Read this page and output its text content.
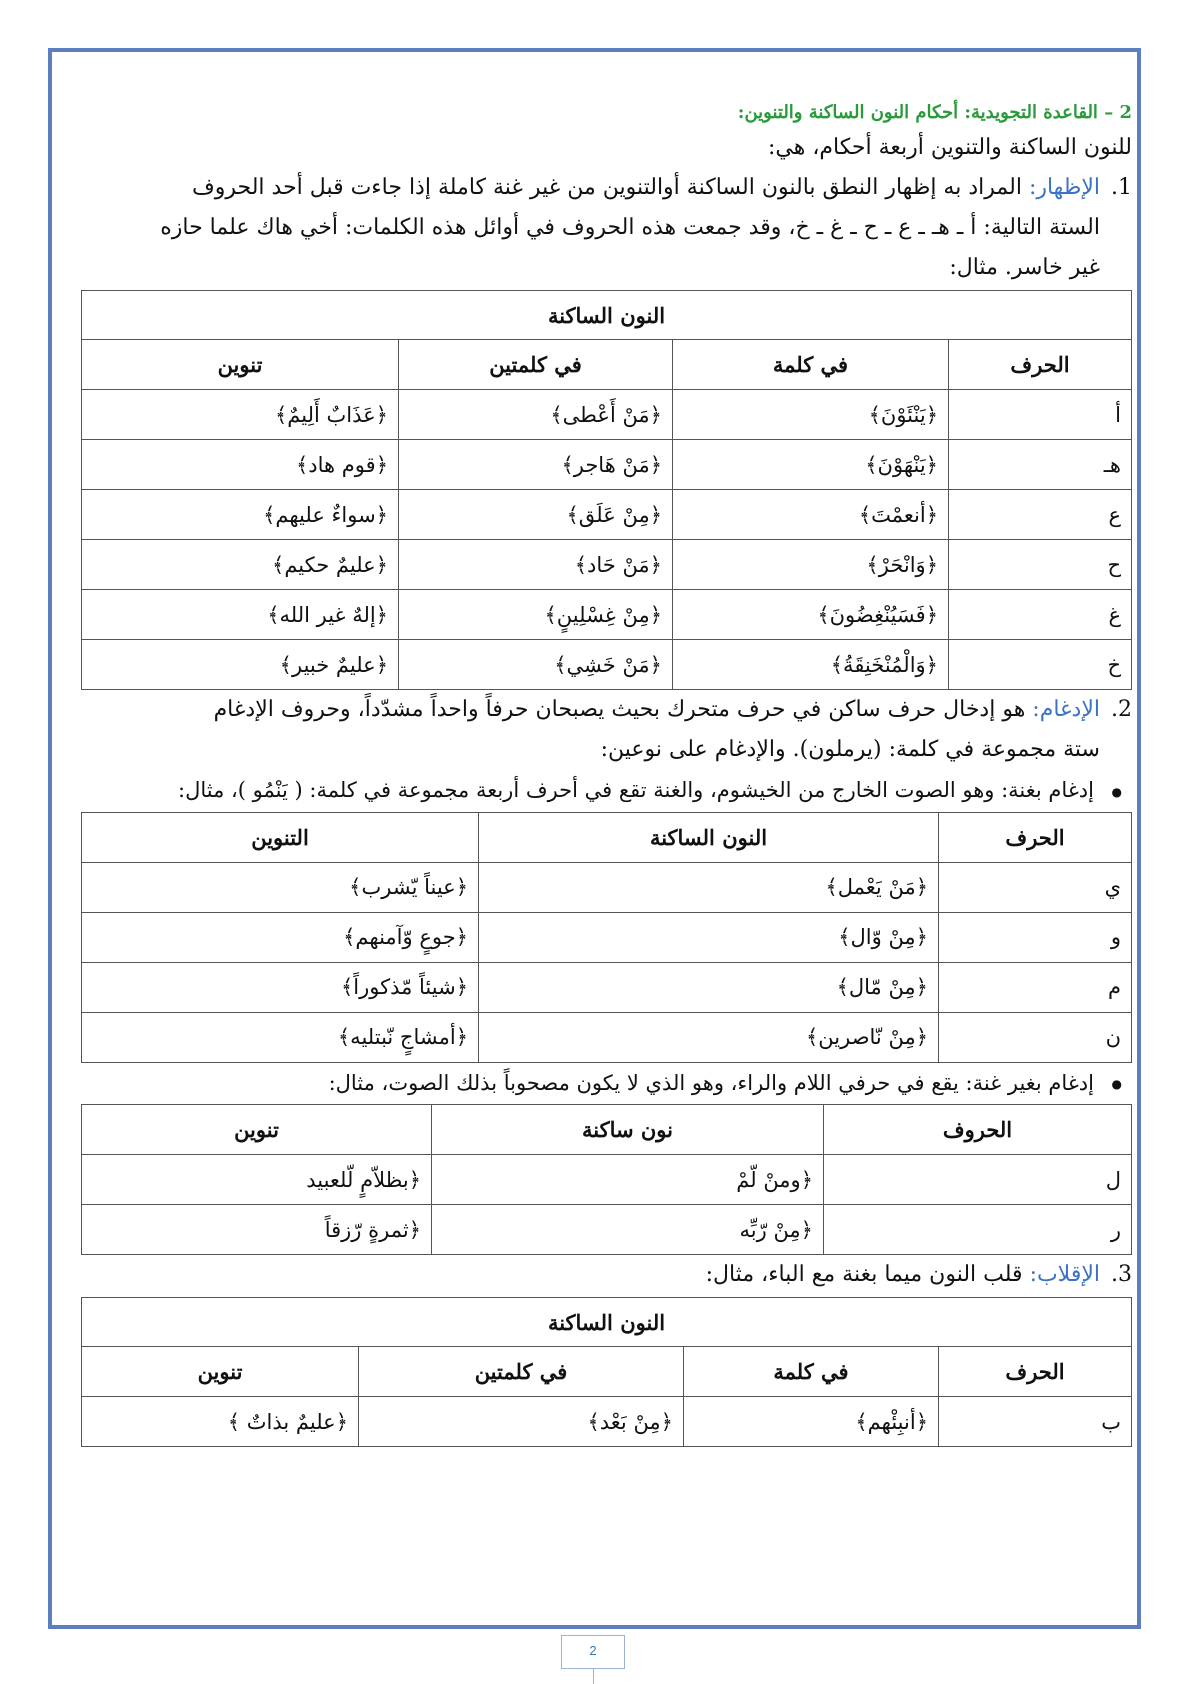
2 – القاعدة التجويدية: أحكام النون الساكنة والتنوين:

للنون الساكنة والتنوين أربعة أحكام، هي:

1.الإظهار: المراد به إظهار النطق بالنون الساكنة أوالتنوين من غير غنة كاملة إذا جاءت قبل أحد الحروف

الستة التالية: أ ـ هـ ـ ع ـ ح ـ غ ـ خ، وقد جمعت هذه الحروف في أوائل هذه الكلمات: أخي هاك علما حازه

غير خاسر. مثال:

النون الساكنة			
الحرف	في كلمة	في كلمتين	تنوين
أ	﴿يَنْئَوْنَ﴾	﴿مَنْ أَعْطى﴾	﴿عَذَابٌ أَلِيمٌ﴾
هـ	﴿يَنْهَوْنَ﴾	﴿مَنْ هَاجر﴾	﴿قوم هاد﴾
ع	﴿أنعمْتَ﴾	﴿مِنْ عَلَق﴾	﴿سواءٌ عليهم﴾
ح	﴿وَانْحَرْ﴾	﴿مَنْ حَاد﴾	﴿عليمٌ حكيم﴾
غ	﴿فَسَيُنْغِضُونَ﴾	﴿مِنْ غِسْلِينٍ﴾	﴿إلهٌ غير الله﴾
خ	﴿وَالْمُنْخَنِقَةُ﴾	﴿مَنْ خَشِي﴾	﴿عليمٌ خبير﴾

2.الإدغام: هو إدخال حرف ساكن في حرف متحرك بحيث يصبحان حرفاً واحداً مشدّداً، وحروف الإدغام

ستة مجموعة في كلمة: (يرملون). والإدغام على نوعين:

● إدغام بغنة: وهو الصوت الخارج من الخيشوم، والغنة تقع في أحرف أربعة مجموعة في كلمة: ( يَنْمُو )، مثال:

الحرف	النون الساكنة	التنوين
ي	﴿مَنْ يَعْمل﴾	﴿عيناً يّشرب﴾
و	﴿مِنْ وّال﴾	﴿جوعٍ وّآمنهم﴾
م	﴿مِنْ مّال﴾	﴿شيئاً مّذكوراً﴾
ن	﴿مِنْ نّاصرين﴾	﴿أمشاجٍ نّبتليه﴾

● إدغام بغير غنة: يقع في حرفي اللام والراء، وهو الذي لا يكون مصحوباً بذلك الصوت، مثال:

الحروف	نون ساكنة	تنوين
ل	﴿ومنْ لّمْ	﴿بظلاّمٍ لّلعبيد
ر	﴿مِنْ رّبِّه	﴿ثمرةٍ رّزقاً

3.الإقلاب: قلب النون ميما بغنة مع الباء، مثال:

النون الساكنة			
الحرف	في كلمة	في كلمتين	تنوين
ب	﴿أنبِئْهم﴾	﴿مِنْ بَعْد﴾	﴿عليمٌ بذاتٌ ﴾
2
